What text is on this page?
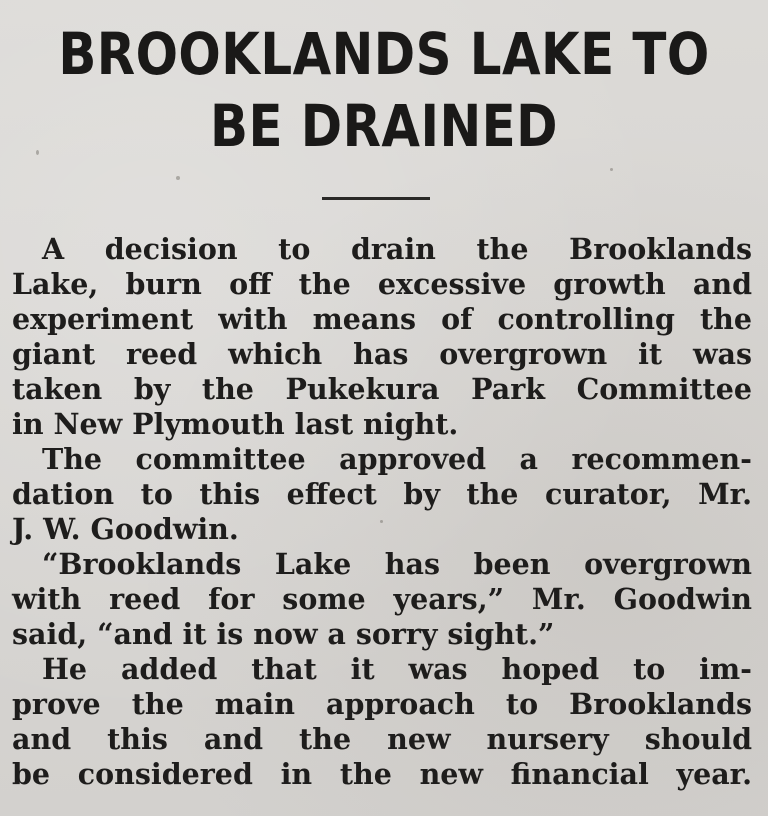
BROOKLANDS LAKE TO
BE DRAINED
A decision to drain the Brooklands
Lake, burn off the excessive growth and
experiment with means of controlling the
giant reed which has overgrown it was
taken by the Pukekura Park Committee
in New Plymouth last night.
The committee approved a recommen-
dation to this effect by the curator, Mr.
J. W. Goodwin.
“Brooklands Lake has been overgrown
with reed for some years,” Mr. Goodwin
said, “and it is now a sorry sight.”
He added that it was hoped to im-
prove the main approach to Brooklands
and this and the new nursery should
be considered in the new financial year.
